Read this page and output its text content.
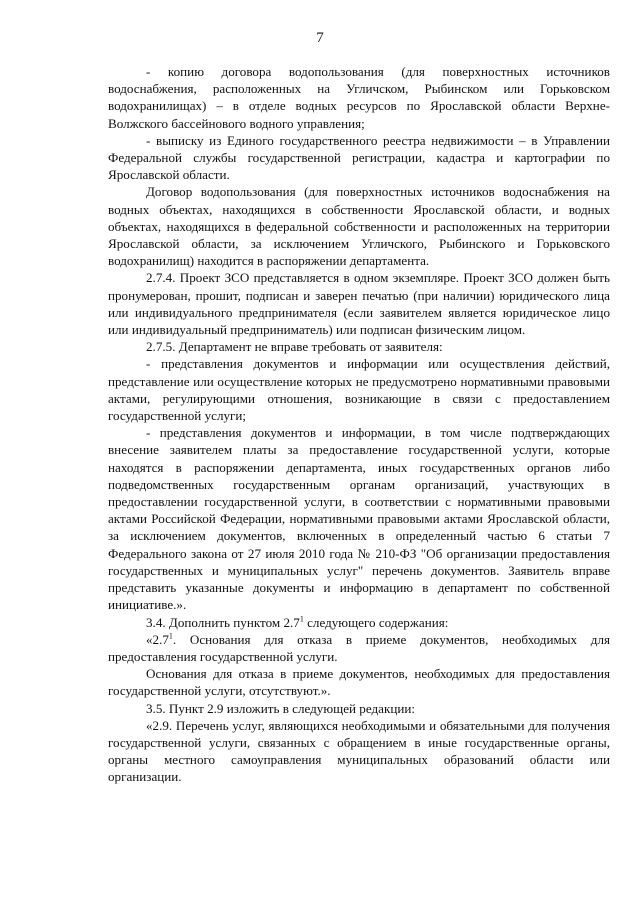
7

- копию договора водопользования (для поверхностных источников водоснабжения, расположенных на Угличском, Рыбинском или Горьковском водохранилищах) – в отделе водных ресурсов по Ярославской области Верхне-Волжского бассейнового водного управления;

- выписку из Единого государственного реестра недвижимости – в Управлении Федеральной службы государственной регистрации, кадастра и картографии по Ярославской области.

Договор водопользования (для поверхностных источников водоснабжения на водных объектах, находящихся в собственности Ярославской области, и водных объектах, находящихся в федеральной собственности и расположенных на территории Ярославской области, за исключением Угличского, Рыбинского и Горьковского водохранилищ) находится в распоряжении департамента.

2.7.4. Проект ЗСО представляется в одном экземпляре. Проект ЗСО должен быть пронумерован, прошит, подписан и заверен печатью (при наличии) юридического лица или индивидуального предпринимателя (если заявителем является юридическое лицо или индивидуальный предприниматель) или подписан физическим лицом.

2.7.5. Департамент не вправе требовать от заявителя:

- представления документов и информации или осуществления действий, представление или осуществление которых не предусмотрено нормативными правовыми актами, регулирующими отношения, возникающие в связи с предоставлением государственной услуги;

- представления документов и информации, в том числе подтверждающих внесение заявителем платы за предоставление государственной услуги, которые находятся в распоряжении департамента, иных государственных органов либо подведомственных государственным органам организаций, участвующих в предоставлении государственной услуги, в соответствии с нормативными правовыми актами Российской Федерации, нормативными правовыми актами Ярославской области, за исключением документов, включенных в определенный частью 6 статьи 7 Федерального закона от 27 июля 2010 года № 210-ФЗ "Об организации предоставления государственных и муниципальных услуг" перечень документов. Заявитель вправе представить указанные документы и информацию в департамент по собственной инициативе.».

3.4. Дополнить пунктом $2.7^1$ следующего содержания:

«$2.7^1$. Основания для отказа в приеме документов, необходимых для предоставления государственной услуги.

Основания для отказа в приеме документов, необходимых для предоставления государственной услуги, отсутствуют.».

3.5. Пункт 2.9 изложить в следующей редакции:

«2.9. Перечень услуг, являющихся необходимыми и обязательными для получения государственной услуги, связанных с обращением в иные государственные органы, органы местного самоуправления муниципальных образований области или организации.
